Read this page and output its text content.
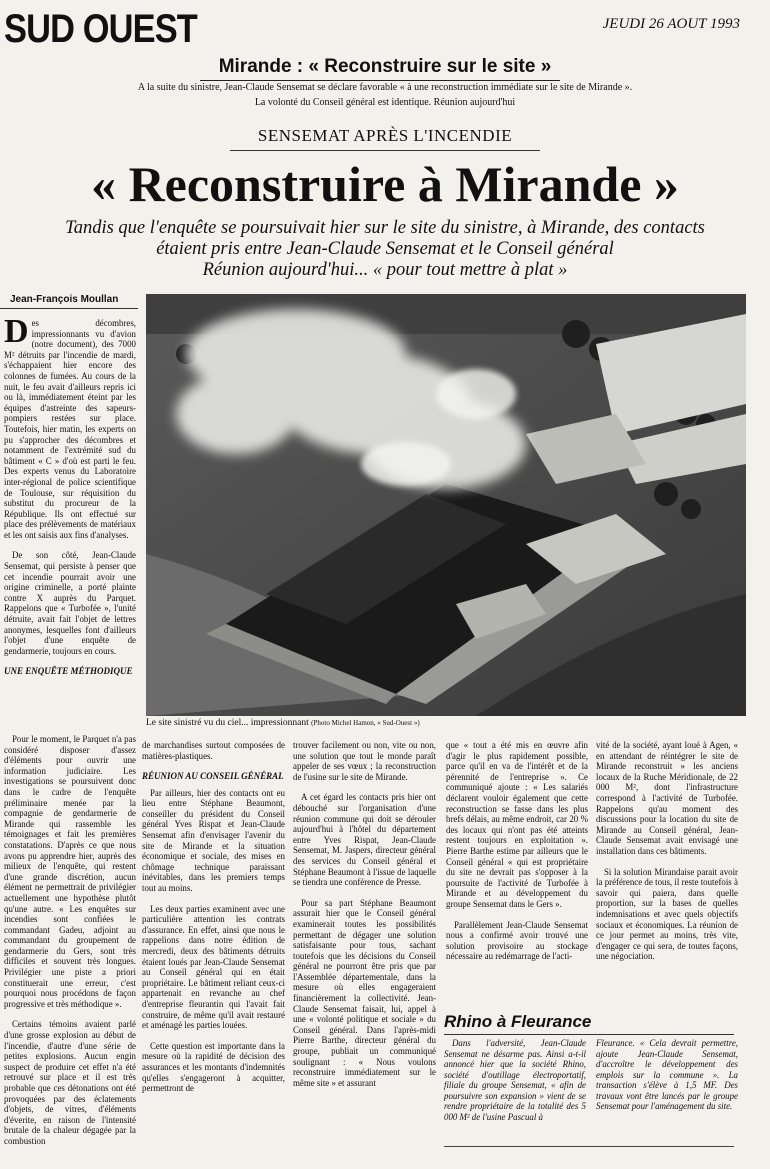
SUD OUEST	JEUDI 26 AOUT 1993
Mirande : « Reconstruire sur le site »
A la suite du sinistre, Jean-Claude Sensemat se déclare favorable « à une reconstruction immédiate sur le site de Mirande ».
La volonté du Conseil général est identique. Réunion aujourd'hui
SENSEMAT APRÈS L'INCENDIE
« Reconstruire à Mirande »
Tandis que l'enquête se poursuivait hier sur le site du sinistre, à Mirande, des contacts
étaient pris entre Jean-Claude Sensemat et le Conseil général
Réunion aujourd'hui... « pour tout mettre à plat »
Jean-François Moullan
Le site sinistré vu du ciel... impressionnant (Photo Michel Hamon, « Sud-Ouest »)

Des décombres, impressionnants vu d'avion (notre document), des 7000 M² détruits par l'incendie de mardi, s'échappaient hier encore des colonnes de fumées. Au cours de la nuit, le feu avait d'ailleurs repris ici ou là, immédiatement éteint par les équipes d'astreinte des sapeurs-pompiers restées sur place. Toutefois, hier matin, les experts on pu s'approcher des décombres et notamment de l'extrémité sud du bâtiment « C » d'où est parti le feu. Des experts venus du Laboratoire inter-régional de police scientifique de Toulouse, sur réquisition du substitut du procureur de la République. Ils ont effectué sur place des prélèvements de matériaux et les ont saisis aux fins d'analyses.

De son côté, Jean-Claude Sensemat, qui persiste à penser que cet incendie pourrait avoir une origine criminelle, a porté plainte contre X auprès du Parquet. Rappelons que « Turbofée », l'unité détruite, avait fait l'objet de lettres anonymes, lesquelles font d'ailleurs l'objet d'une enquête de gendarmerie, toujours en cours.

UNE ENQUÊTE MÉTHODIQUE

Pour le moment, le Parquet n'a pas considéré disposer d'assez d'éléments pour ouvrir une information judiciaire. Les investigations se poursuivent donc dans le cadre de l'enquête préliminaire menée par la compagnie de gendarmerie de Mirande qui rassemble les témoignages et fait les premières constatations. D'après ce que nous avons pu apprendre hier, auprès des milieux de l'enquête, qui restent d'une grande discrétion, aucun élément ne permettrait de privilégier actuellement une hypothèse plutôt qu'une autre. « Les enquêtes sur incendies sont confiées le commandant Gadeu, adjoint au commandant du groupement de gendarmerie du Gers, sont très difficiles et souvent très longues. Privilégier une piste a priori constituerait une erreur, c'est pourquoi nous procédons de façon progressive et très méthodique ».

Certains témoins avaient parlé d'une grosse explosion au début de l'incendie, d'autre d'une série de petites explosions. Aucun engin suspect de produire cet effet n'a été retrouvé sur place et il est très probable que ces détonations ont été provoquées par des éclatements d'objets, de vitres, d'éléments d'éverite, en raison de l'intensité brutale de la chaleur dégagée par la combustion

de marchandises surtout composées de matières-plastiques.

RÉUNION AU CONSEIL GÉNÉRAL

Par ailleurs, hier des contacts ont eu lieu entre Stéphane Beaumont, conseiller du président du Conseil général Yves Rispat et Jean-Claude Sensemat afin d'envisager l'avenir du site de Mirande et la situation économique et sociale, des mises en chômage technique paraissant inévitables, dans les premiers temps tout au moins.

Les deux parties examinent avec une particulière attention les contrats d'assurance. En effet, ainsi que nous le rappelions dans notre édition de mercredi, deux des bâtiments détruits étaient loués par Jean-Claude Sensemat au Conseil général qui en était propriétaire. Le bâtiment reliant ceux-ci appartenait en revanche au chef d'entreprise fleurantin qui l'avait fait construire, de même qu'il avait restauré et aménagé les parties louées.

Cette question est importante dans la mesure où la rapidité de décision des assurances et les montants d'indemnités qu'elles s'engageront à acquitter, permettront de

trouver facilement ou non, vite ou non, une solution que tout le monde paraît appeler de ses vœux ; la reconstruction de l'usine sur le site de Mirande.

A cet égard les contacts pris hier ont débouché sur l'organisation d'une réunion commune qui doit se dérouler aujourd'hui à l'hôtel du département entre Yves Rispat, Jean-Claude Sensemat, M. Jaspers, directeur général des services du Conseil général et Stéphane Beaumont à l'issue de laquelle se tiendra une conférence de Presse.

Pour sa part Stéphane Beaumont assurait hier que le Conseil général examinerait toutes les possibilités permettant de dégager une solution satisfaisante pour tous, sachant toutefois que les décisions du Conseil général ne pourront être pris que par l'Assemblée départementale, dans la mesure où elles engageraient financièrement la collectivité. Jean-Claude Sensemat faisait, lui, appel à une « volonté politique et sociale » du Conseil général. Dans l'après-midi Pierre Barthe, directeur général du groupe, publiait un communiqué soulignant : « Nous voulons reconstruire immédiatement sur le même site » et assurant

que « tout a été mis en œuvre afin d'agir le plus rapidement possible, parce qu'il en va de l'intérêt et de la pérennité de l'entreprise ». Ce communiqué ajoute : « Les salariés déclarent vouloir également que cette reconstruction se fasse dans les plus brefs délais, au même endroit, car 20 % des locaux qui n'ont pas été atteints restent toujours en exploitation ». Pierre Barthe estime par ailleurs que le Conseil général « qui est propriétaire du site ne devrait pas s'opposer à la poursuite de l'activité de Turbofée à Mirande et au développement du groupe Sensemat dans le Gers ».

Parallèlement Jean-Claude Sensemat nous a confirmé avoir trouvé une solution provisoire au stockage nécessaire au redémarrage de l'acti-

vité de la société, ayant loué à Agen, « en attendant de réintégrer le site de Mirande reconstruit » les anciens locaux de la Ruche Méridionale, de 22 000 M², dont l'infrastructure correspond à l'activité de Turbofée. Rappelons qu'au moment des discussions pour la location du site de Mirande au Conseil général, Jean-Claude Sensemat avait envisagé une installation dans ces bâtiments.

Si la solution Mirandaise parait avoir la préférence de tous, il reste toutefois à savoir qui paiera, dans quelle proportion, sur la bases de quelles indemnisations et avec quels objectifs sociaux et économiques. La réunion de ce jour permet au moins, très vite, d'engager ce qui sera, de toutes façons, une négociation.

Rhino à Fleurance

Dans l'adversité, Jean-Claude Sensemat ne désarme pas. Ainsi a-t-il annoncé hier que la société Rhino, société d'outillage électroportatif, filiale du groupe Sensemat, « afin de poursuivre son expansion » vient de se rendre propriétaire de la totalité des 5 000 M² de l'usine Pascual à

Fleurance. « Cela devrait permettre, ajoute Jean-Claude Sensemat, d'accroître le développement des emplois sur la commune ». La transaction s'élève à 1,5 MF. Des travaux vont être lancés par le groupe Sensemat pour l'aménagement du site.
